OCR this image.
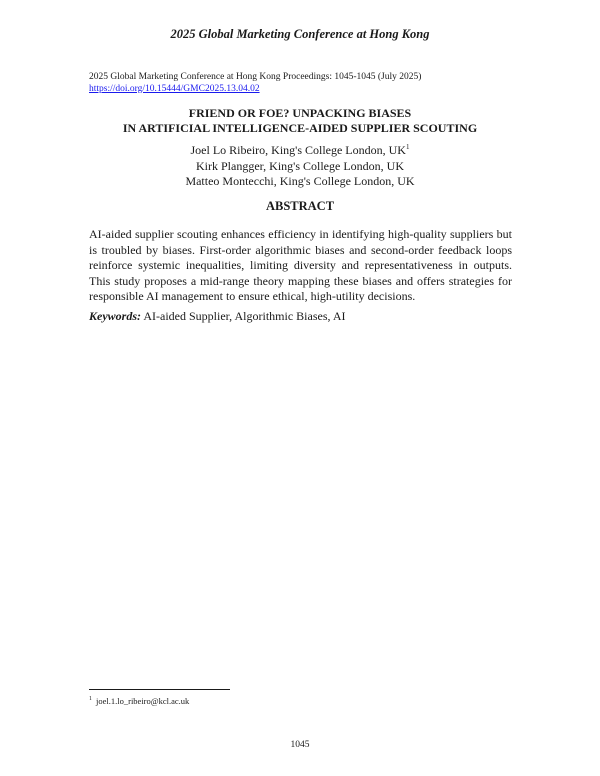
2025 Global Marketing Conference at Hong Kong
2025 Global Marketing Conference at Hong Kong Proceedings: 1045-1045 (July 2025)
https://doi.org/10.15444/GMC2025.13.04.02
FRIEND OR FOE? UNPACKING BIASES
IN ARTIFICIAL INTELLIGENCE-AIDED SUPPLIER SCOUTING
Joel Lo Ribeiro, King's College London, $UK^1$
Kirk Plangger, King's College London, UK
Matteo Montecchi, King's College London, UK
ABSTRACT
AI-aided supplier scouting enhances efficiency in identifying high-quality suppliers but is troubled by biases. First-order algorithmic biases and second-order feedback loops reinforce systemic inequalities, limiting diversity and representativeness in outputs. This study proposes a mid-range theory mapping these biases and offers strategies for responsible AI management to ensure ethical, high-utility decisions.
Keywords: AI-aided Supplier, Algorithmic Biases, AI
$^1$ joel.1.lo_ribeiro@kcl.ac.uk
1045
